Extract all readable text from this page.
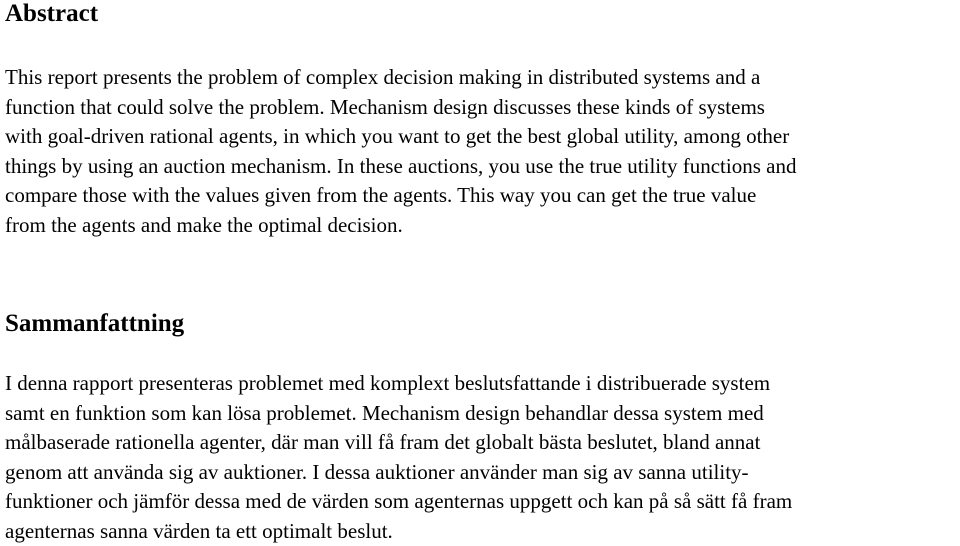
Abstract
This report presents the problem of complex decision making in distributed systems and a
function that could solve the problem. Mechanism design discusses these kinds of systems
with goal-driven rational agents, in which you want to get the best global utility, among other
things by using an auction mechanism. In these auctions, you use the true utility functions and
compare those with the values given from the agents. This way you can get the true value
from the agents and make the optimal decision.
Sammanfattning
I denna rapport presenteras problemet med komplext beslutsfattande i distribuerade system
samt en funktion som kan lösa problemet. Mechanism design behandlar dessa system med
målbaserade rationella agenter, där man vill få fram det globalt bästa beslutet, bland annat
genom att använda sig av auktioner. I dessa auktioner använder man sig av sanna utility-
funktioner och jämför dessa med de värden som agenternas uppgett och kan på så sätt få fram
agenternas sanna värden ta ett optimalt beslut.
